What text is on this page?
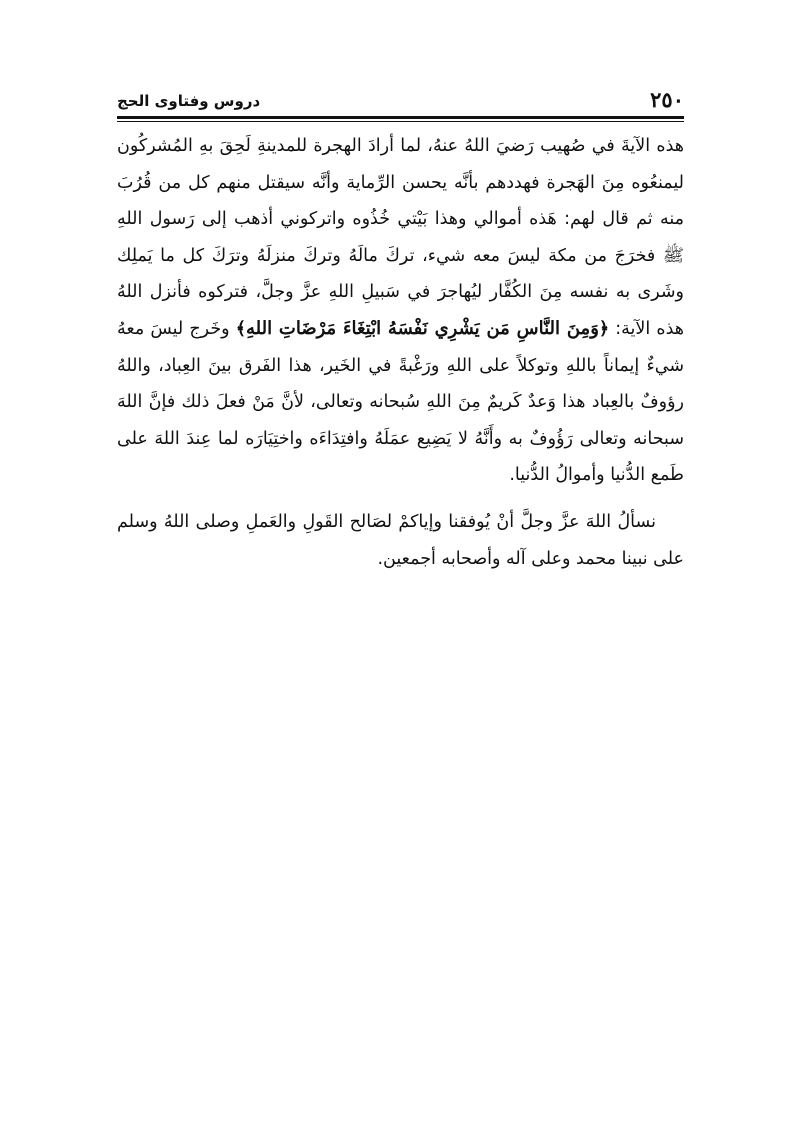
٢٥٠
دروس وفتاوى الحج

هذه الآيةَ في صُهيب رَضيَ اللهُ عنهُ، لما أرادَ الهجرة للمدينةِ لَحِقَ بهِ المُشركُون ليمنعُوه مِنَ الهَجرة فهددهم بأنَّه يحسن الرِّماية وأنَّه سيقتل منهم كل من قُرُبَ منه ثم قال لهم: هَذه أموالي وهذا بَيْتي خُذُوه واتركوني أذهب إلى رَسول اللهِ ﷺ فخرَجَ من مكة ليسَ معه شيء، تركَ مالَهُ وتركَ منزلَهُ وترَكَ كل ما يَملِك وشَرى به نفسه مِنَ الكُفَّار ليُهاجرَ في سَبيلِ اللهِ عزَّ وجلَّ، فتركوه فأنزل اللهُ هذه الآية: ﴿وَمِنَ النَّاسِ مَن يَشْرِي نَفْسَهُ ابْتِغَاءَ مَرْضَاتِ اللهِ﴾ وخَرج ليسَ معهُ شيءٌ إيماناً باللهِ وتوكلاً على اللهِ ورَغْبةً في الخَير، هذا الفَرق بينَ العِباد، واللهُ رؤوفٌ بالعِباد هذا وَعدٌ كَريمٌ مِنَ اللهِ سُبحانه وتعالى، لأنَّ مَنْ فعلَ ذلك فإنَّ اللهَ سبحانه وتعالى رَؤُوفٌ به وأَنَّهُ لا يَضِيع عمَلَهُ وافتِدَاءَه واختِيَارَه لما عِندَ اللهَ على طَمع الدُّنيا وأموالُ الدُّنيا.

نسألُ اللهَ عزَّ وجلَّ أنْ يُوفقنا وإياكمْ لصَالح القَولِ والعَملِ وصلى اللهُ وسلم على نبينا محمد وعلى آله وأصحابه أجمعين.
